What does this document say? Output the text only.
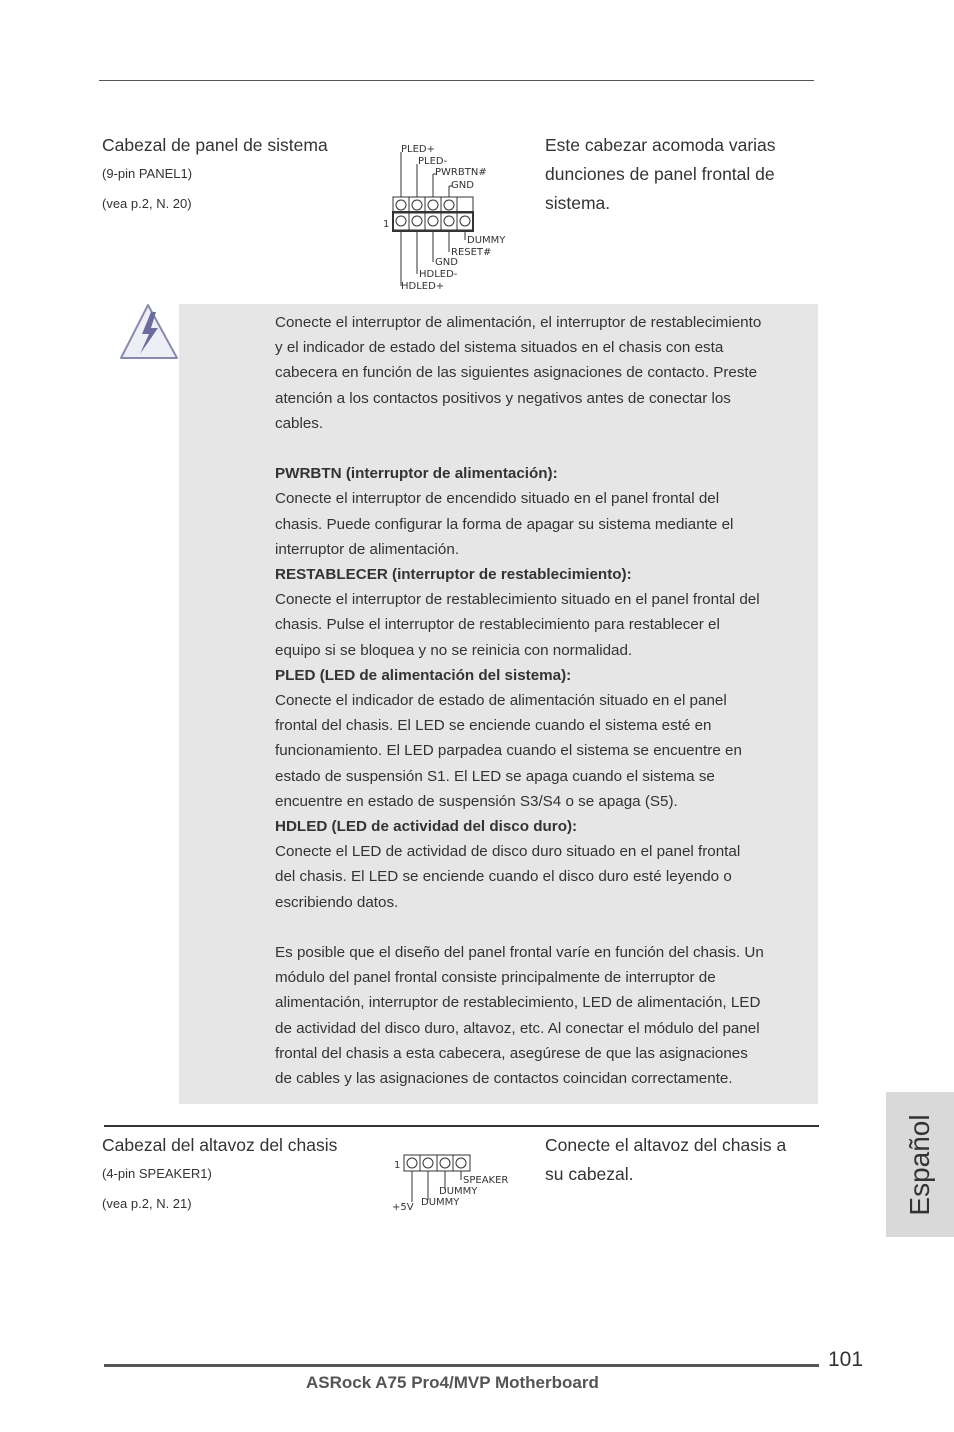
Cabezal de panel de sistema
(9-pin PANEL1)
(vea p.2, N. 20)
Este cabezar acomoda varias
dunciones de panel frontal de
sistema.
1
PLED+
PLED-
PWRBTN#
GND
DUMMY
RESET#
GND
HDLED-
HDLED+

Conecte el interruptor de alimentación, el interruptor de restablecimiento

y el indicador de estado del sistema situados en el chasis con esta

cabecera en función de las siguientes asignaciones de contacto. Preste

atención a los contactos positivos y negativos antes de conectar los

cables.

PWRBTN (interruptor de alimentación):

Conecte el interruptor de encendido situado en el panel frontal del

chasis. Puede configurar la forma de apagar su sistema mediante el

interruptor de alimentación.

RESTABLECER (interruptor de restablecimiento):

Conecte el interruptor de restablecimiento situado en el panel frontal del

chasis. Pulse el interruptor de restablecimiento para restablecer el

equipo si se bloquea y no se reinicia con normalidad.

PLED (LED de alimentación del sistema):

Conecte el indicador de estado de alimentación situado en el panel

frontal del chasis. El LED se enciende cuando el sistema esté en

funcionamiento. El LED parpadea cuando el sistema se encuentre en

estado de suspensión S1. El LED se apaga cuando el sistema se

encuentre en estado de suspensión S3/S4 o se apaga (S5).

HDLED (LED de actividad del disco duro):

Conecte el LED de actividad de disco duro situado en el panel frontal

del chasis. El LED se enciende cuando el disco duro esté leyendo o

escribiendo datos.

Es posible que el diseño del panel frontal varíe en función del chasis. Un

módulo del panel frontal consiste principalmente de interruptor de

alimentación, interruptor de restablecimiento, LED de alimentación, LED

de actividad del disco duro, altavoz, etc. Al conectar el módulo del panel

frontal del chasis a esta cabecera, asegúrese de que las asignaciones

de cables y las asignaciones de contactos coincidan correctamente.

Cabezal del altavoz del chasis
(4-pin SPEAKER1)
(vea p.2, N. 21)
Conecte el altavoz del chasis a
su cabezal.
1
SPEAKER
DUMMY
DUMMY
+5V	Español
101
ASRock A75 Pro4/MVP Motherboard
